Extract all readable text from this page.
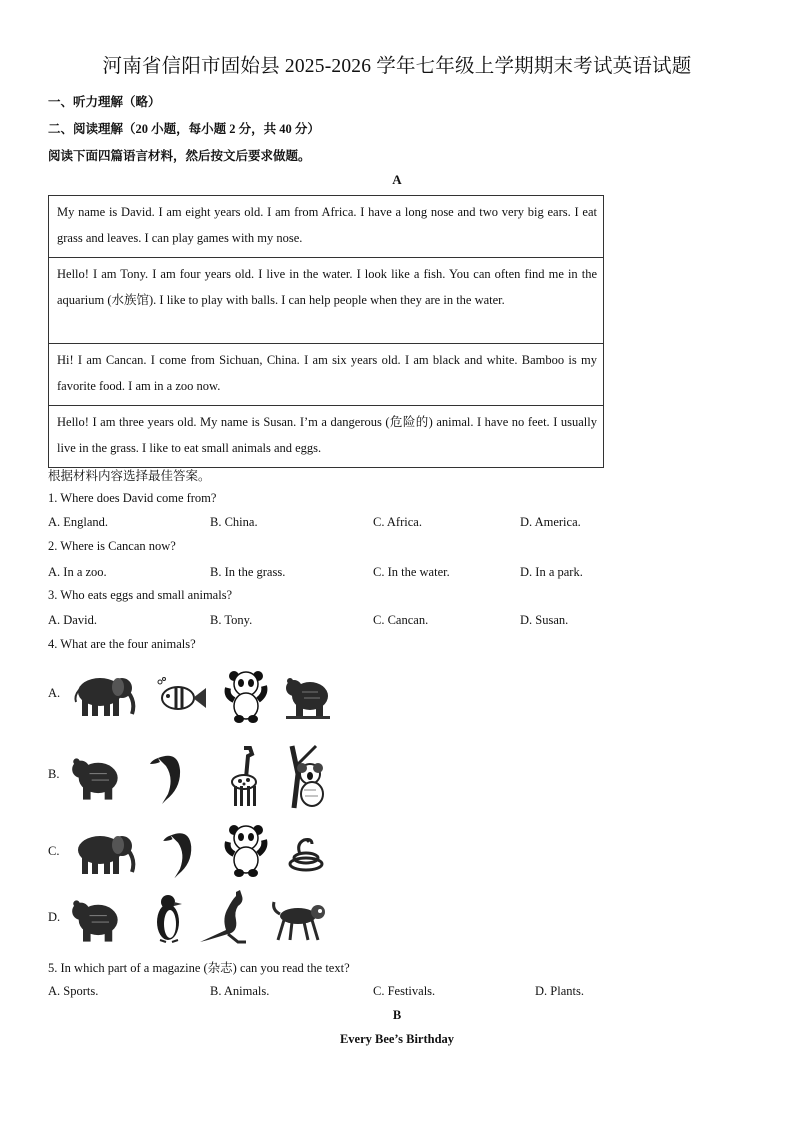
河南省信阳市固始县 2025-2026 学年七年级上学期期末考试英语试题
一、听力理解（略）
二、阅读理解（20 小题，每小题 2 分，共 40 分）
阅读下面四篇语言材料，然后按文后要求做题。
A
My name is David. I am eight years old. I am from Africa. I have a long nose and two very big ears. I eat grass and leaves. I can play games with my nose.
Hello! I am Tony. I am four years old. I live in the water. I look like a fish. You can often find me in the aquarium (水族馆). I like to play with balls. I can help people when they are in the water.
Hi! I am Cancan. I come from Sichuan, China. I am six years old. I am black and white. Bamboo is my favorite food. I am in a zoo now.
Hello! I am three years old. My name is Susan. I’m a dangerous (危险的) animal. I have no feet. I usually live in the grass. I like to eat small animals and eggs.
根据材料内容选择最佳答案。
1. Where does David come from?
A. England.	B. China.	C. Africa.	D. America.
2. Where is Cancan now?
A. In a zoo.	B. In the grass.	C. In the water.	D. In a park.
3. Who eats eggs and small animals?
A. David.	B. Tony.	C. Cancan.	D. Susan.
4. What are the four animals?
A.
B.
C.
D.
5. In which part of a magazine (杂志) can you read the text?
A. Sports.	B. Animals.	C. Festivals.	D. Plants.
B
Every Bee’s Birthday
